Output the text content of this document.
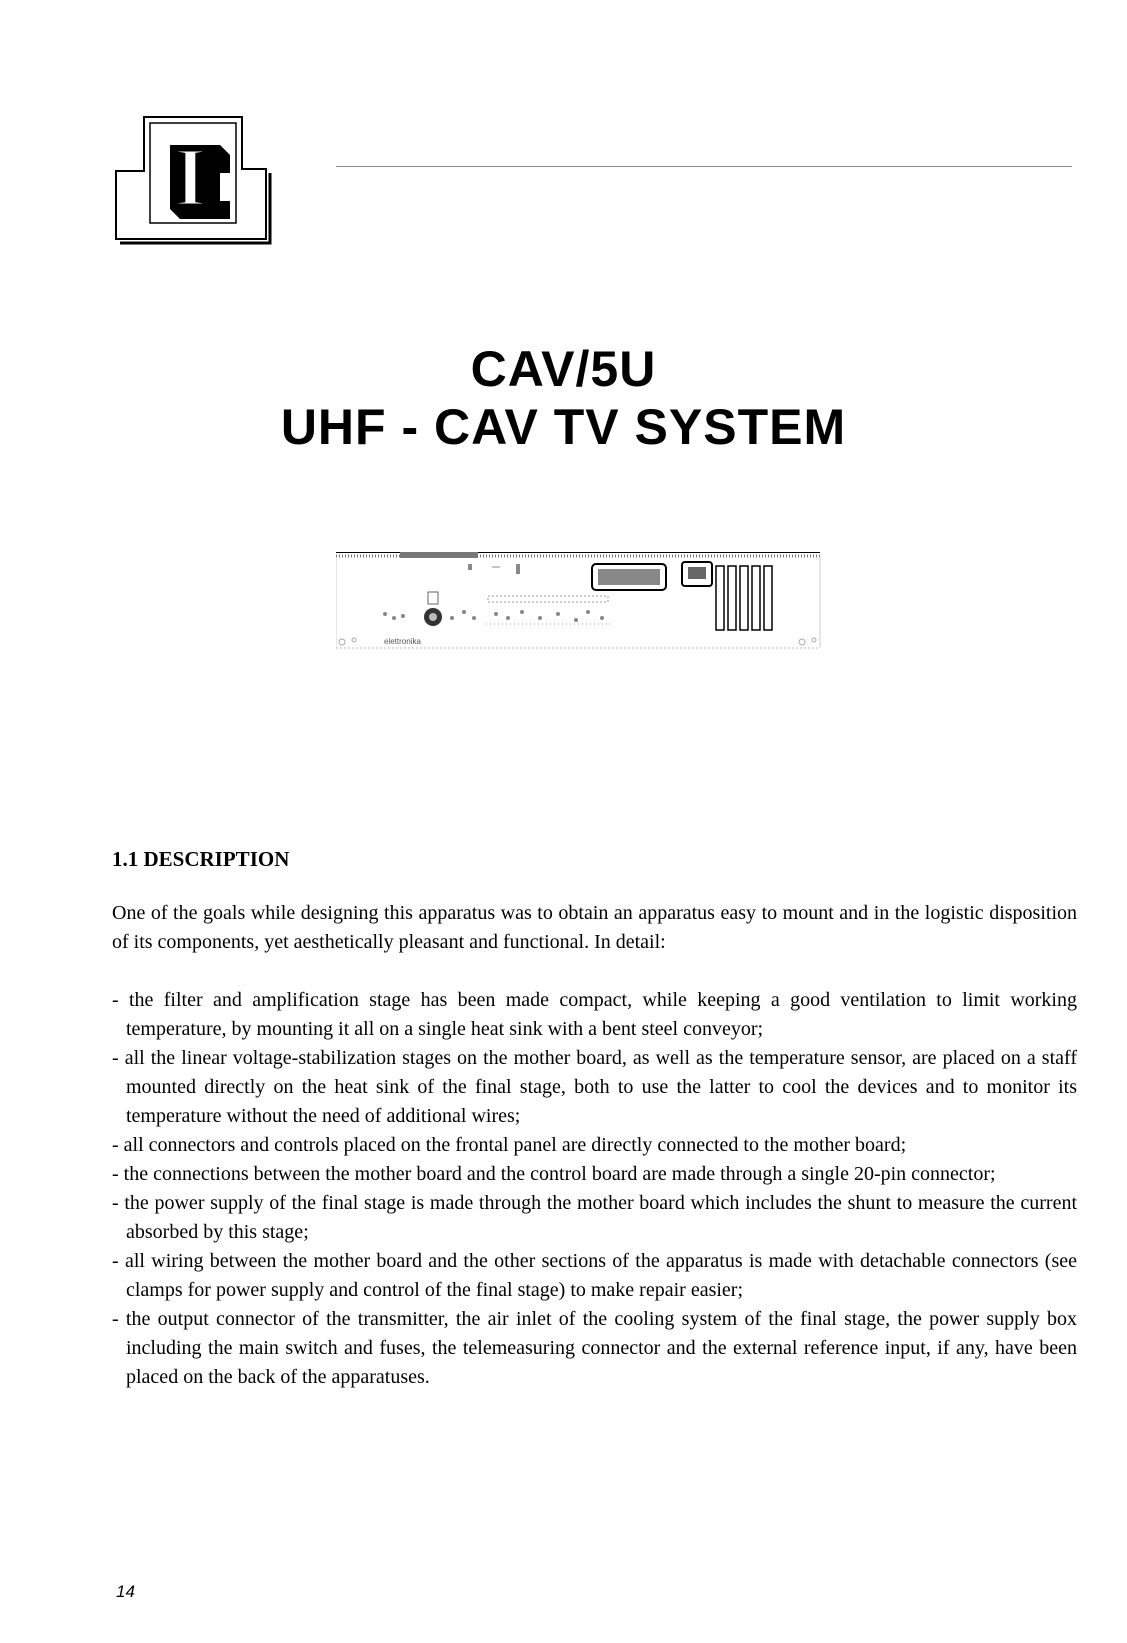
I
CAV/5U
UHF - CAV TV SYSTEM
elettronika
1.1 DESCRIPTION

One of the goals while designing this apparatus was to obtain an apparatus easy to mount and in the logistic disposition of its components, yet aesthetically pleasant and functional. In detail:

- the filter and amplification stage has been made compact, while keeping a good ventilation to limit working temperature, by mounting it all on a single heat sink with a bent steel conveyor;
- all the linear voltage-stabilization stages on the mother board, as well as the temperature sensor, are placed on a staff mounted directly on the heat sink of the final stage, both to use the latter to cool the devices and to monitor its temperature without the need of additional wires;
- all connectors and controls placed on the frontal panel are directly connected to the mother board;
- the connections between the mother board and the control board are made through a single 20-pin connector;
- the power supply of the final stage is made through the mother board which includes the shunt to measure the current absorbed by this stage;
- all wiring between the mother board and the other sections of the apparatus is made with detachable connectors (see clamps for power supply and control of the final stage) to make repair easier;
- the output connector of the transmitter, the air inlet of the cooling system of the final stage, the power supply box including the main switch and fuses, the telemeasuring connector and the external reference input, if any, have been placed on the back of the apparatuses.
14
